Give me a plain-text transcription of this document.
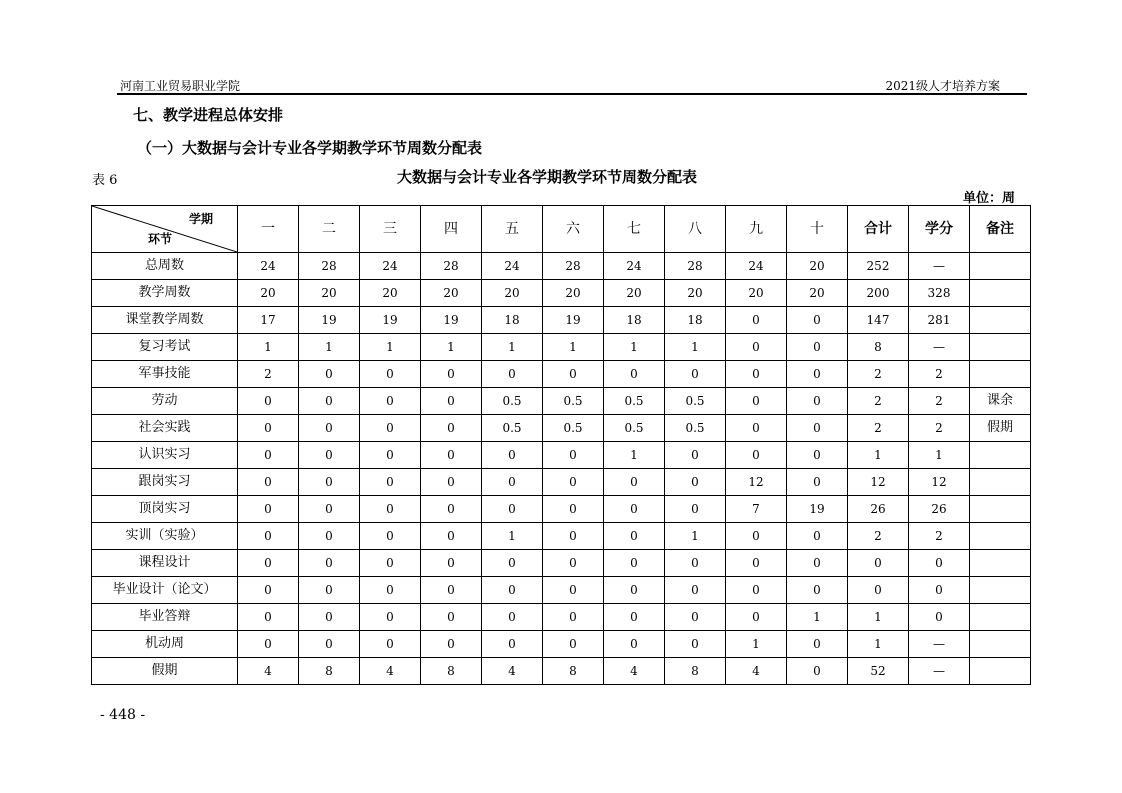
河南工业贸易职业学院	2021级人才培养方案
七、教学进程总体安排
（一）大数据与会计专业各学期教学环节周数分配表
表 6	大数据与会计专业各学期教学环节周数分配表
单位：周
学期
环节	一	二	三	四	五	六	七	八	九	十	合计	学分	备注
总周数	24	28	24	28	24	28	24	28	24	20	252	—	
教学周数	20	20	20	20	20	20	20	20	20	20	200	328	
课堂教学周数	17	19	19	19	18	19	18	18	0	0	147	281	
复习考试	1	1	1	1	1	1	1	1	0	0	8	—	
军事技能	2	0	0	0	0	0	0	0	0	0	2	2	
劳动	0	0	0	0	0.5	0.5	0.5	0.5	0	0	2	2	课余
社会实践	0	0	0	0	0.5	0.5	0.5	0.5	0	0	2	2	假期
认识实习	0	0	0	0	0	0	1	0	0	0	1	1	
跟岗实习	0	0	0	0	0	0	0	0	12	0	12	12	
顶岗实习	0	0	0	0	0	0	0	0	7	19	26	26	
实训（实验）	0	0	0	0	1	0	0	1	0	0	2	2	
课程设计	0	0	0	0	0	0	0	0	0	0	0	0	
毕业设计（论文）	0	0	0	0	0	0	0	0	0	0	0	0	
毕业答辩	0	0	0	0	0	0	0	0	0	1	1	0	
机动周	0	0	0	0	0	0	0	0	1	0	1	—	
假期	4	8	4	8	4	8	4	8	4	0	52	—	
- 448 -
